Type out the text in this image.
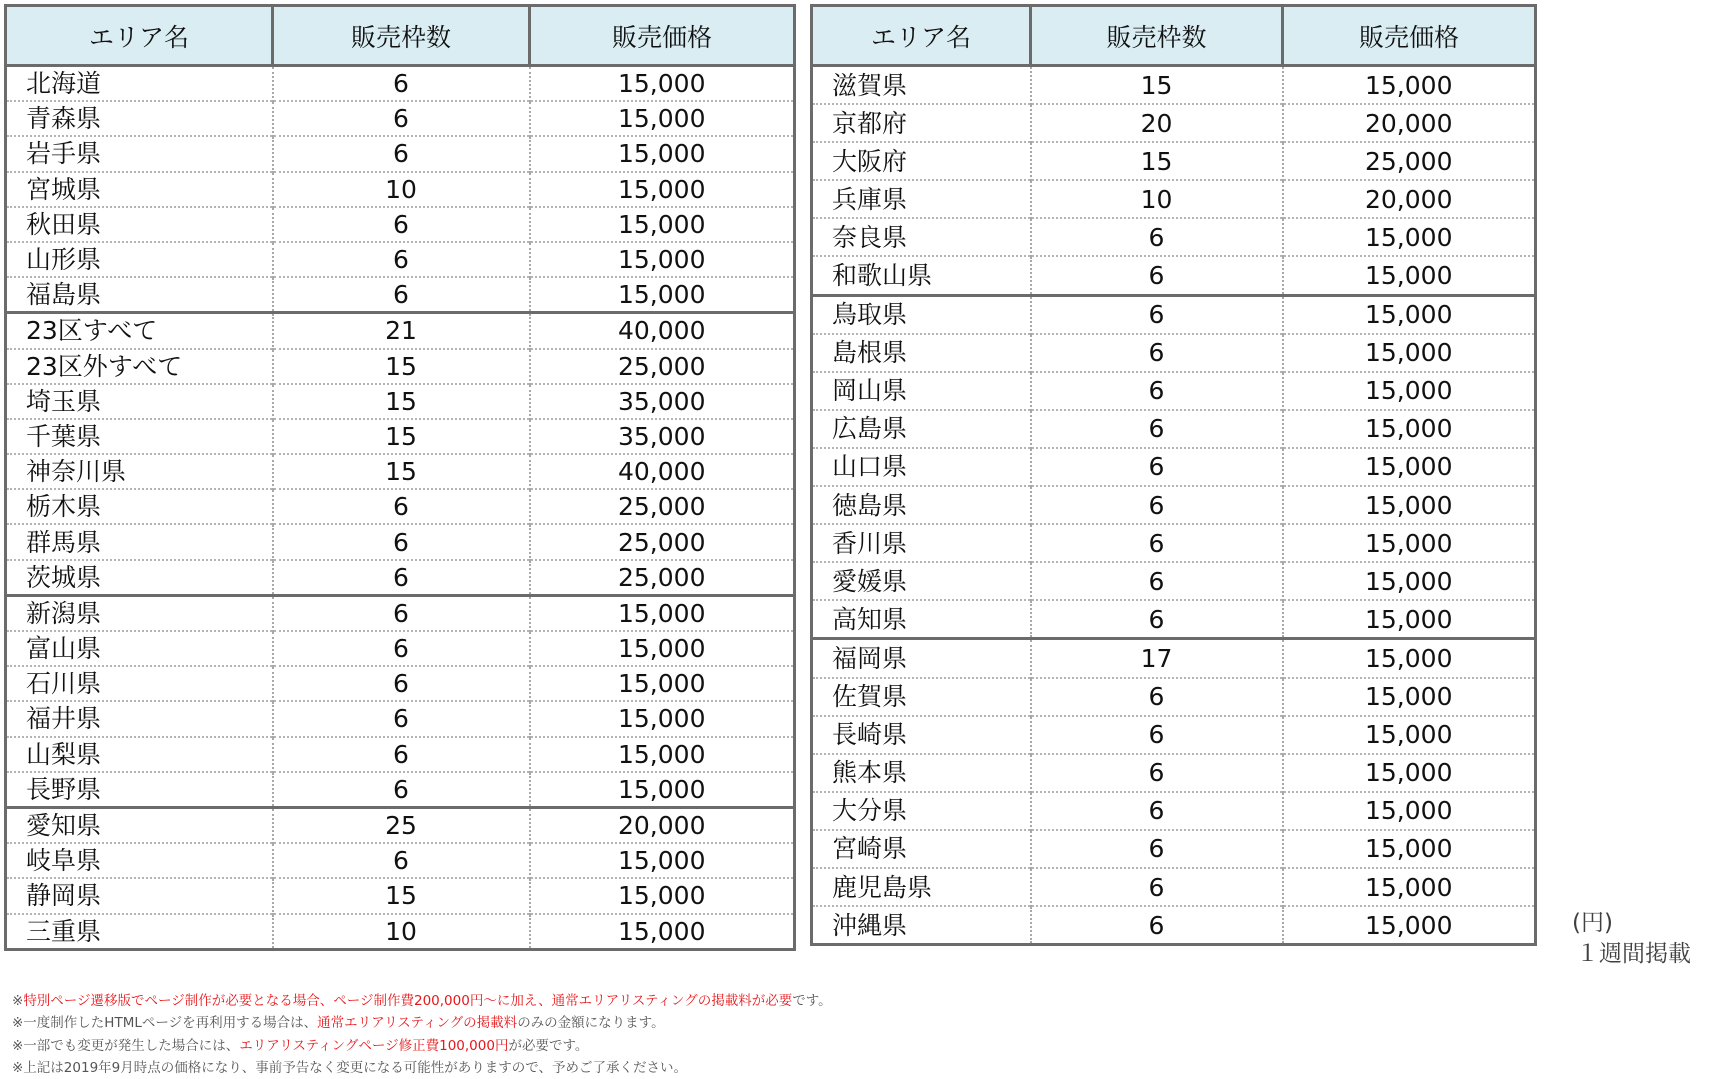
エリア名	販売枠数	販売価格
北海道	6	15,000
青森県	6	15,000
岩手県	6	15,000
宮城県	10	15,000
秋田県	6	15,000
山形県	6	15,000
福島県	6	15,000
23区すべて	21	40,000
23区外すべて	15	25,000
埼玉県	15	35,000
千葉県	15	35,000
神奈川県	15	40,000
栃木県	6	25,000
群馬県	6	25,000
茨城県	6	25,000
新潟県	6	15,000
富山県	6	15,000
石川県	6	15,000
福井県	6	15,000
山梨県	6	15,000
長野県	6	15,000
愛知県	25	20,000
岐阜県	6	15,000
静岡県	15	15,000
三重県	10	15,000
エリア名	販売枠数	販売価格
滋賀県	15	15,000
京都府	20	20,000
大阪府	15	25,000
兵庫県	10	20,000
奈良県	6	15,000
和歌山県	6	15,000
鳥取県	6	15,000
島根県	6	15,000
岡山県	6	15,000
広島県	6	15,000
山口県	6	15,000
徳島県	6	15,000
香川県	6	15,000
愛媛県	6	15,000
高知県	6	15,000
福岡県	17	15,000
佐賀県	6	15,000
長崎県	6	15,000
熊本県	6	15,000
大分県	6	15,000
宮崎県	6	15,000
鹿児島県	6	15,000
沖縄県	6	15,000	(円)
１週間掲載
※特別ページ遷移版でページ制作が必要となる場合、ページ制作費200,000円～に加え、通常エリアリスティングの掲載料が必要です。
※一度制作したHTMLページを再利用する場合は、通常エリアリスティングの掲載料のみの金額になります。
※一部でも変更が発生した場合には、エリアリスティングページ修正費100,000円が必要です。
※上記は2019年9月時点の価格になり、事前予告なく変更になる可能性がありますので、予めご了承ください。
